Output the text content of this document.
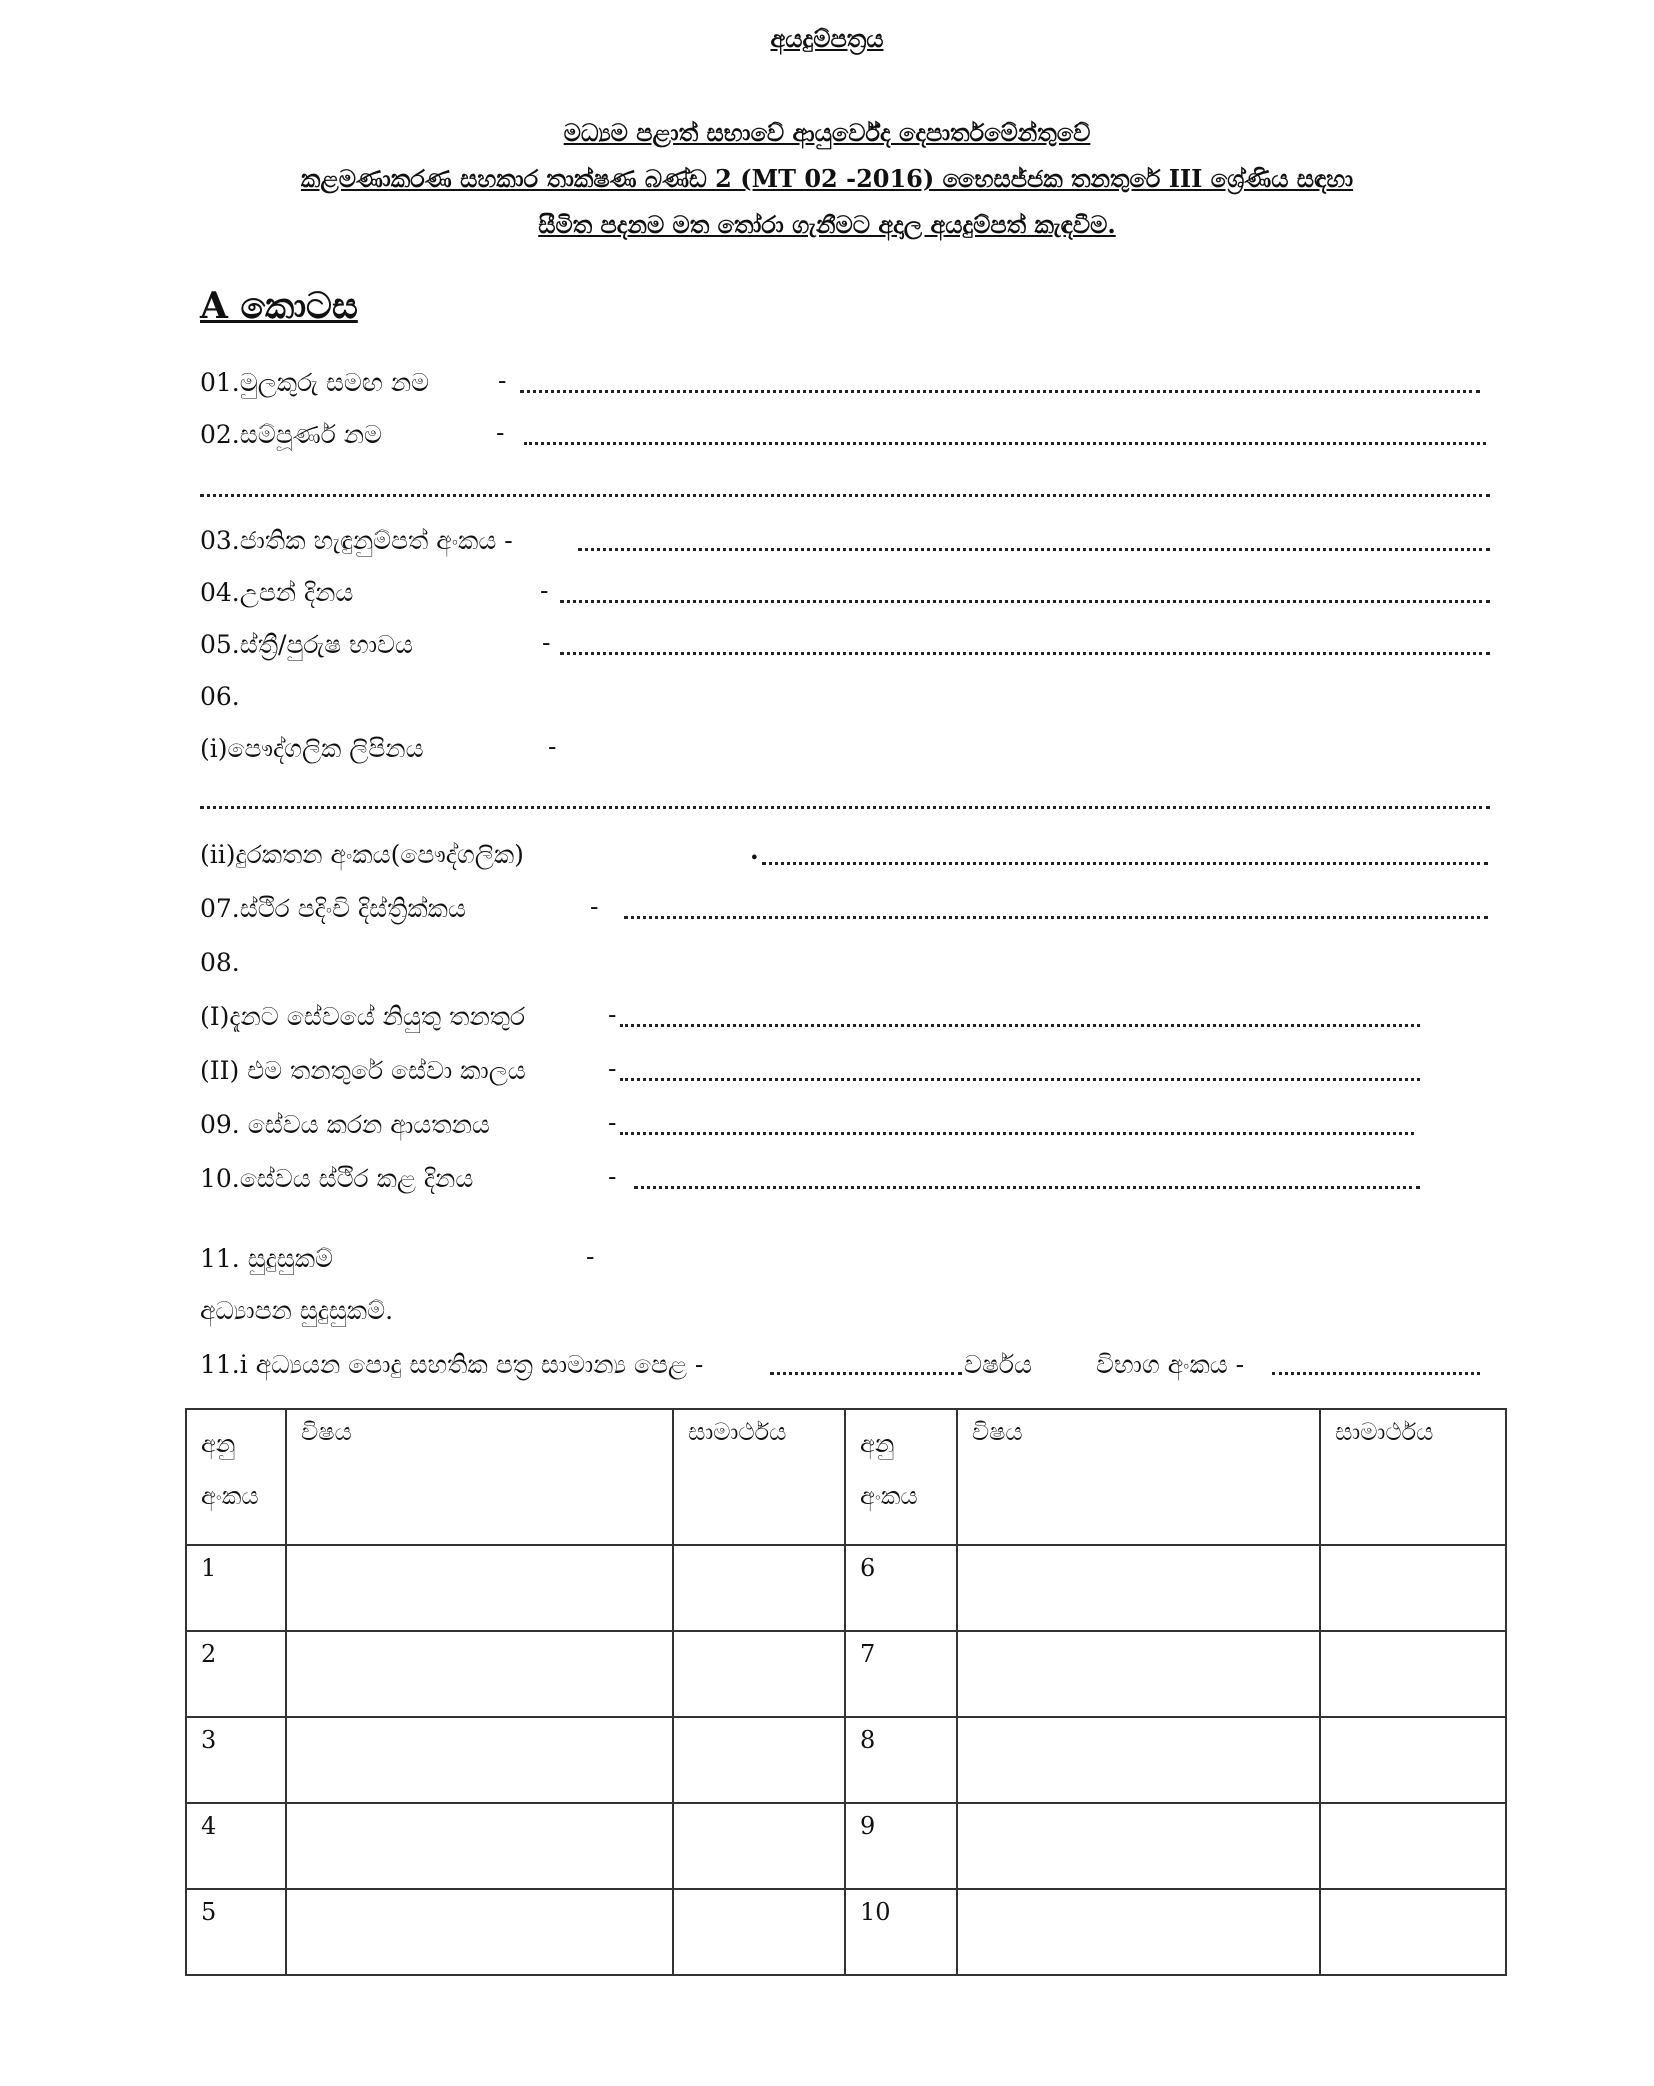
අයදුම්පත්‍රය
මධ්‍යම පළාත් සභාවේ ආයුර්වේද දෙපාර්තමේන්තුවේ
කළමණාකරණ සහකාර තාක්ෂණ බණ්ඩ 2 (MT 02 -2016) භෛසජ්ජක තනතුරේ III ශ්‍රේණිය සඳහා
සීමිත පදනම මත තෝරා ගැනීමට අදාල අයදුම්පත් කැඳවීම.
A කොටස
01.මුලකුරු සමඟ නම	-
02.සම්පූර්ණ නම	-
03.ජාතික හැඳුනුම්පත් අංකය -
04.උපන් දිනය	-
05.ස්ත්‍රී/පුරුෂ භාවය	-
06.
(i)පෞද්ගලික ලිපිනය	-
(ii)දුරකතන අංකය(පෞද්ගලික)	.
07.ස්ථිර පදිංචි දිස්ත්‍රික්කය	-
08.
(I)දැනට සේවයේ නියුතු තනතුර	-
(II) එම තනතුරේ සේවා කාලය	-
09. සේවය කරන ආයතනය	-
10.සේවය ස්ථිර කළ දිනය	-
11. සුදුසුකම්	-
අධ්‍යාපන සුදුසුකම්.
11.i අධ්‍යයන පොදු සහතික පත්‍ර සාමාන්‍ය පෙළ -	වර්ෂය	විභාග අංකය -
අනු අංකය	විෂය	සාමාර්ථය	අනු අංකය	විෂය	සාමාර්ථය
1			6		
2			7		
3			8		
4			9		
5			10		
